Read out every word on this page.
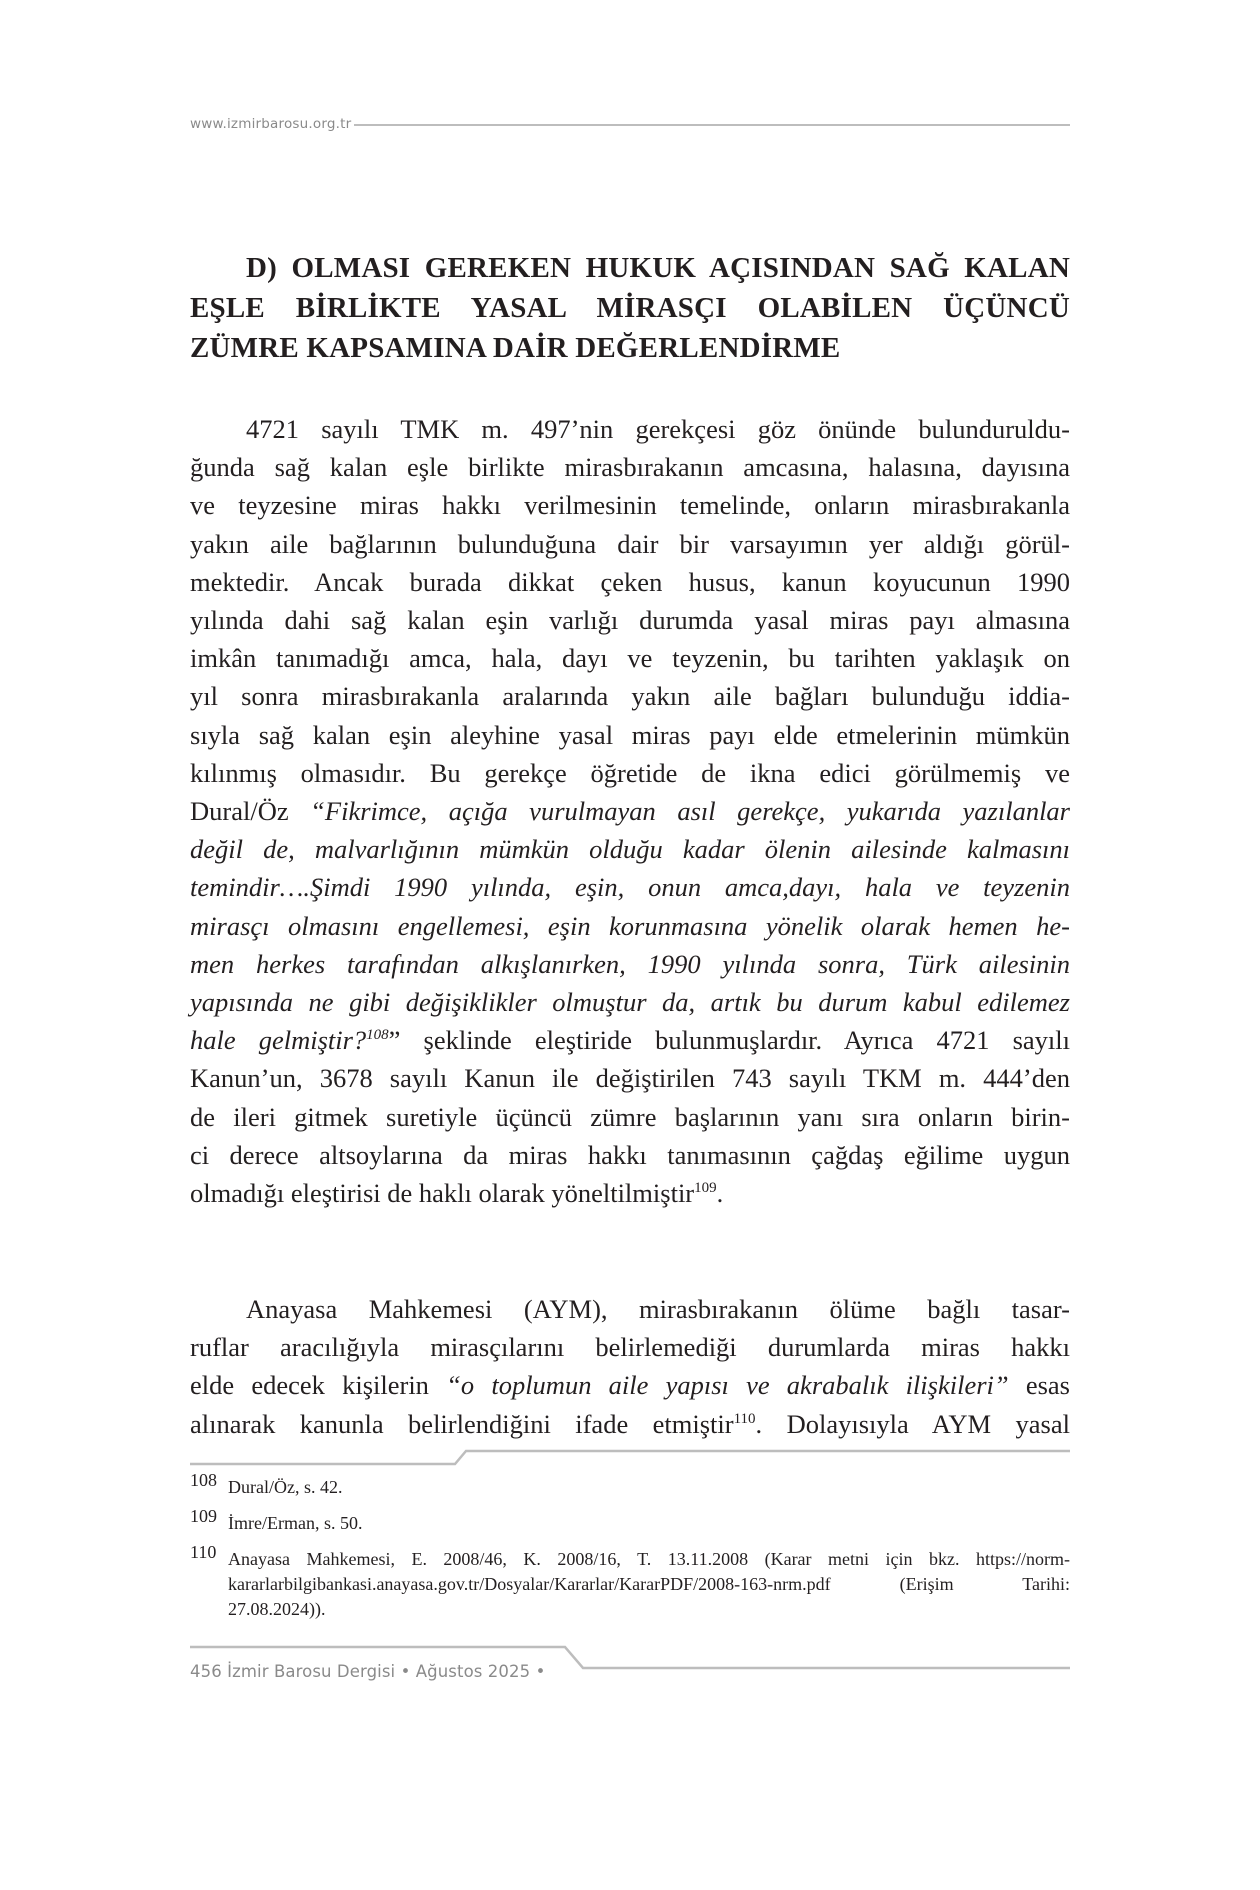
www.izmirbarosu.org.tr
D) OLMASI GEREKEN HUKUK AÇISINDAN SAĞ KALAN
EŞLE BİRLİKTE YASAL MİRASÇI OLABİLEN ÜÇÜNCÜ
ZÜMRE KAPSAMINA DAİR DEĞERLENDİRME
4721 sayılı TMK m. 497’nin gerekçesi göz önünde bulunduruldu-
ğunda sağ kalan eşle birlikte mirasbırakanın amcasına, halasına, dayısına
ve teyzesine miras hakkı verilmesinin temelinde, onların mirasbırakanla
yakın aile bağlarının bulunduğuna dair bir varsayımın yer aldığı görül-
mektedir. Ancak burada dikkat çeken husus, kanun koyucunun 1990
yılında dahi sağ kalan eşin varlığı durumda yasal miras payı almasına
imkân tanımadığı amca, hala, dayı ve teyzenin, bu tarihten yaklaşık on
yıl sonra mirasbırakanla aralarında yakın aile bağları bulunduğu iddia-
sıyla sağ kalan eşin aleyhine yasal miras payı elde etmelerinin mümkün
kılınmış olmasıdır. Bu gerekçe öğretide de ikna edici görülmemiş ve
Dural/Öz “Fikrimce, açığa vurulmayan asıl gerekçe, yukarıda yazılanlar
değil de, malvarlığının mümkün olduğu kadar ölenin ailesinde kalmasını
temindir….Şimdi 1990 yılında, eşin, onun amca,dayı, hala ve teyzenin
mirasçı olmasını engellemesi, eşin korunmasına yönelik olarak hemen he-
men herkes tarafından alkışlanırken, 1990 yılında sonra, Türk ailesinin
yapısında ne gibi değişiklikler olmuştur da, artık bu durum kabul edilemez
hale gelmiştir?$^{108}$” şeklinde eleştiride bulunmuşlardır. Ayrıca 4721 sayılı
Kanun’un, 3678 sayılı Kanun ile değiştirilen 743 sayılı TKM m. 444’den
de ileri gitmek suretiyle üçüncü zümre başlarının yanı sıra onların birin-
ci derece altsoylarına da miras hakkı tanımasının çağdaş eğilime uygun
olmadığı eleştirisi de haklı olarak yöneltilmiştir$^{109}$.
Anayasa Mahkemesi (AYM), mirasbırakanın ölüme bağlı tasar-
ruflar aracılığıyla mirasçılarını belirlemediği durumlarda miras hakkı
elde edecek kişilerin “o toplumun aile yapısı ve akrabalık ilişkileri” esas
alınarak kanunla belirlendiğini ifade etmiştir$^{110}$. Dolayısıyla AYM yasal
108 Dural/Öz, s. 42.
109 İmre/Erman, s. 50.
110 Anayasa Mahkemesi, E. 2008/46, K. 2008/16, T. 13.11.2008 (Karar metni için bkz. https://norm-
kararlarbilgibankasi.anayasa.gov.tr/Dosyalar/Kararlar/KararPDF/2008-163-nrm.pdf (Erişim Tarihi:
27.08.2024)).
456 İzmir Barosu Dergisi • Ağustos 2025 •
